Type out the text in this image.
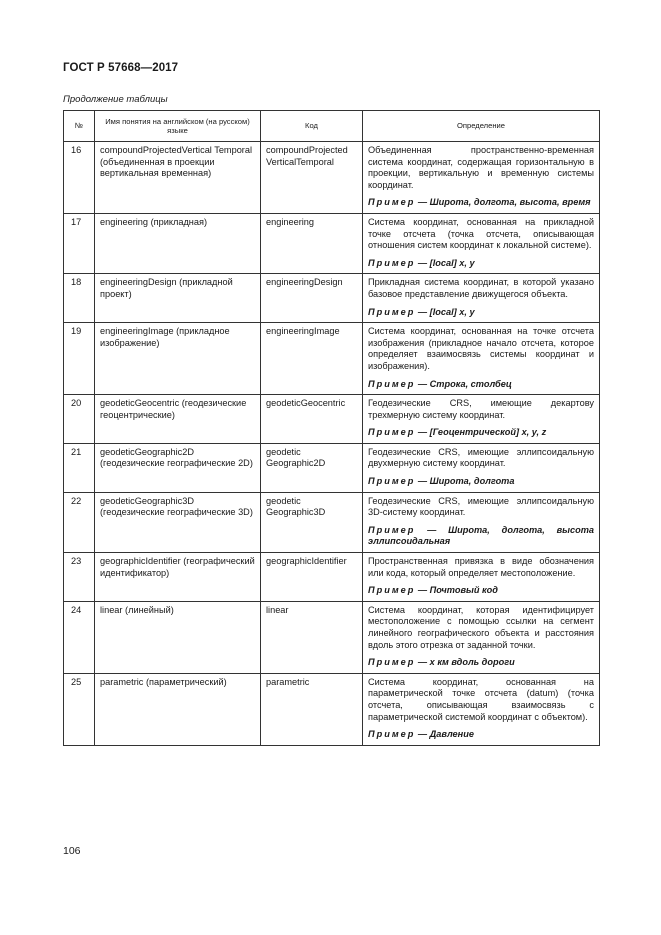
ГОСТ Р 57668—2017
Продолжение таблицы
№	Имя понятия на английском (на русском) языке	Код	Определение
16	compoundProjectedVertical Temporal (объединенная в проекции вертикальная временная)	compoundProjected VerticalTemporal	Объединенная пространственно-временная система координат, содержащая горизонтальную в проекции, вертикальную и временную системы координат.

Пример — Широта, долгота, высота, время

17	engineering (прикладная)	engineering	Система координат, основанная на прикладной точке отсчета (точка отсчета, описывающая отношения систем координат к локальной системе).

Пример — [local] x, y

18	engineeringDesign (прикладной проект)	engineeringDesign	Прикладная система координат, в которой указано базовое представление движущегося объекта.

Пример — [local] x, y

19	engineeringImage (прикладное изображение)	engineeringImage	Система координат, основанная на точке отсчета изображения (прикладное начало отсчета, которое определяет взаимосвязь системы координат и изображения).

Пример — Строка, столбец

20	geodeticGeocentric (геодезические геоцентрические)	geodeticGeocentric	Геодезические CRS, имеющие декартову трехмерную систему координат.

Пример — [Геоцентрической] x, y, z

21	geodeticGeographic2D (геодезические географические 2D)	geodetic Geographic2D	Геодезические CRS, имеющие эллипсоидальную двухмерную систему координат.

Пример — Широта, долгота

22	geodeticGeographic3D (геодезические географические 3D)	geodetic Geographic3D	Геодезические CRS, имеющие эллипсоидальную 3D-систему координат.

Пример — Широта, долгота, высота эллипсоидальная

23	geographicIdentifier (географический идентификатор)	geographicIdentifier	Пространственная привязка в виде обозначения или кода, который определяет местоположение.

Пример — Почтовый код

24	linear (линейный)	linear	Система координат, которая идентифицирует местоположение с помощью ссылки на сегмент линейного географического объекта и расстояния вдоль этого отрезка от заданной точки.

Пример — x км вдоль дороги

25	parametric (параметрический)	parametric	Система координат, основанная на параметрической точке отсчета (datum) (точка отсчета, описывающая взаимосвязь с параметрической системой координат с объектом).

Пример — Давление

106
